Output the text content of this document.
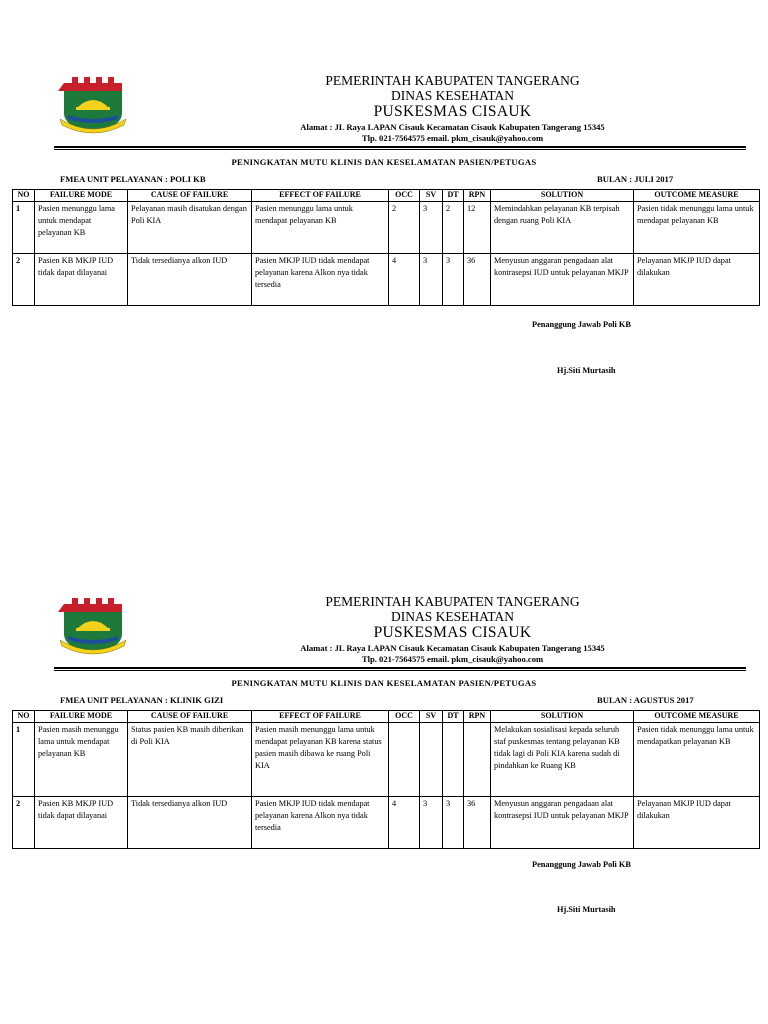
PEMERINTAH KABUPATEN TANGERANG
DINAS KESEHATAN
PUSKESMAS CISAUK
Alamat : JL Raya LAPAN Cisauk Kecamatan Cisauk Kabupaten Tangerang 15345
Tlp. 021-7564575 email. pkm_cisauk@yahoo.com
PENINGKATAN MUTU KLINIS DAN KESELAMATAN PASIEN/PETUGAS
FMEA UNIT PELAYANAN : POLI KB	BULAN : JULI 2017
NO	FAILURE MODE	CAUSE OF FAILURE	EFFECT OF FAILURE	OCC	SV	DT	RPN	SOLUTION	OUTCOME MEASURE
1	Pasien menunggu lama untuk mendapat pelayanan KB	Pelayanan masih disatukan dengan Poli KIA	Pasien menunggu lama untuk mendapat pelayanan KB	2	3	2	12	Memindahkan pelayanan KB terpisah dengan ruang Poli KIA	Pasien tidak menunggu lama untuk mendapat pelayanan KB
2	Pasien KB MKJP IUD tidak dapat dilayanai	Tidak tersedianya alkon IUD	Pasien MKJP IUD tidak mendapat pelayanan karena Alkon nya tidak tersedia	4	3	3	36	Menyusun anggaran pengadaan alat kontrasepsi IUD untuk pelayanan MKJP	Pelayanan MKJP IUD dapat dilakukan
Penanggung Jawab Poli KB
Hj.Siti Murtasih
PEMERINTAH KABUPATEN TANGERANG
DINAS KESEHATAN
PUSKESMAS CISAUK
Alamat : JL Raya LAPAN Cisauk Kecamatan Cisauk Kabupaten Tangerang 15345
Tlp. 021-7564575 email. pkm_cisauk@yahoo.com
PENINGKATAN MUTU KLINIS DAN KESELAMATAN PASIEN/PETUGAS
FMEA UNIT PELAYANAN : KLINIK GIZI	BULAN : AGUSTUS 2017
NO	FAILURE MODE	CAUSE OF FAILURE	EFFECT OF FAILURE	OCC	SV	DT	RPN	SOLUTION	OUTCOME MEASURE
1	Pasien masih menunggu lama untuk mendapat pelayanan KB	Status pasien KB masih diberikan di Poli KIA	Pasien masih menunggu lama untuk mendapat pelayanan KB karena status pasien masih dibawa ke ruang Poli KIA					Melakukan sosialisasi kepada seluruh staf puskesmas tentang pelayanan KB tidak lagi di Poli KIA karena sudah di pindahkan ke Ruang KB	Pasien tidak menunggu lama untuk mendapatkan pelayanan KB
2	Pasien KB MKJP IUD tidak dapat dilayanai	Tidak tersedianya alkon IUD	Pasien MKJP IUD tidak mendapat pelayanan karena Alkon nya tidak tersedia	4	3	3	36	Menyusun anggaran pengadaan alat kontrasepsi IUD untuk pelayanan MKJP	Pelayanan MKJP IUD dapat dilakukan
Penanggung Jawab Poli KB
Hj.Siti Murtasih
